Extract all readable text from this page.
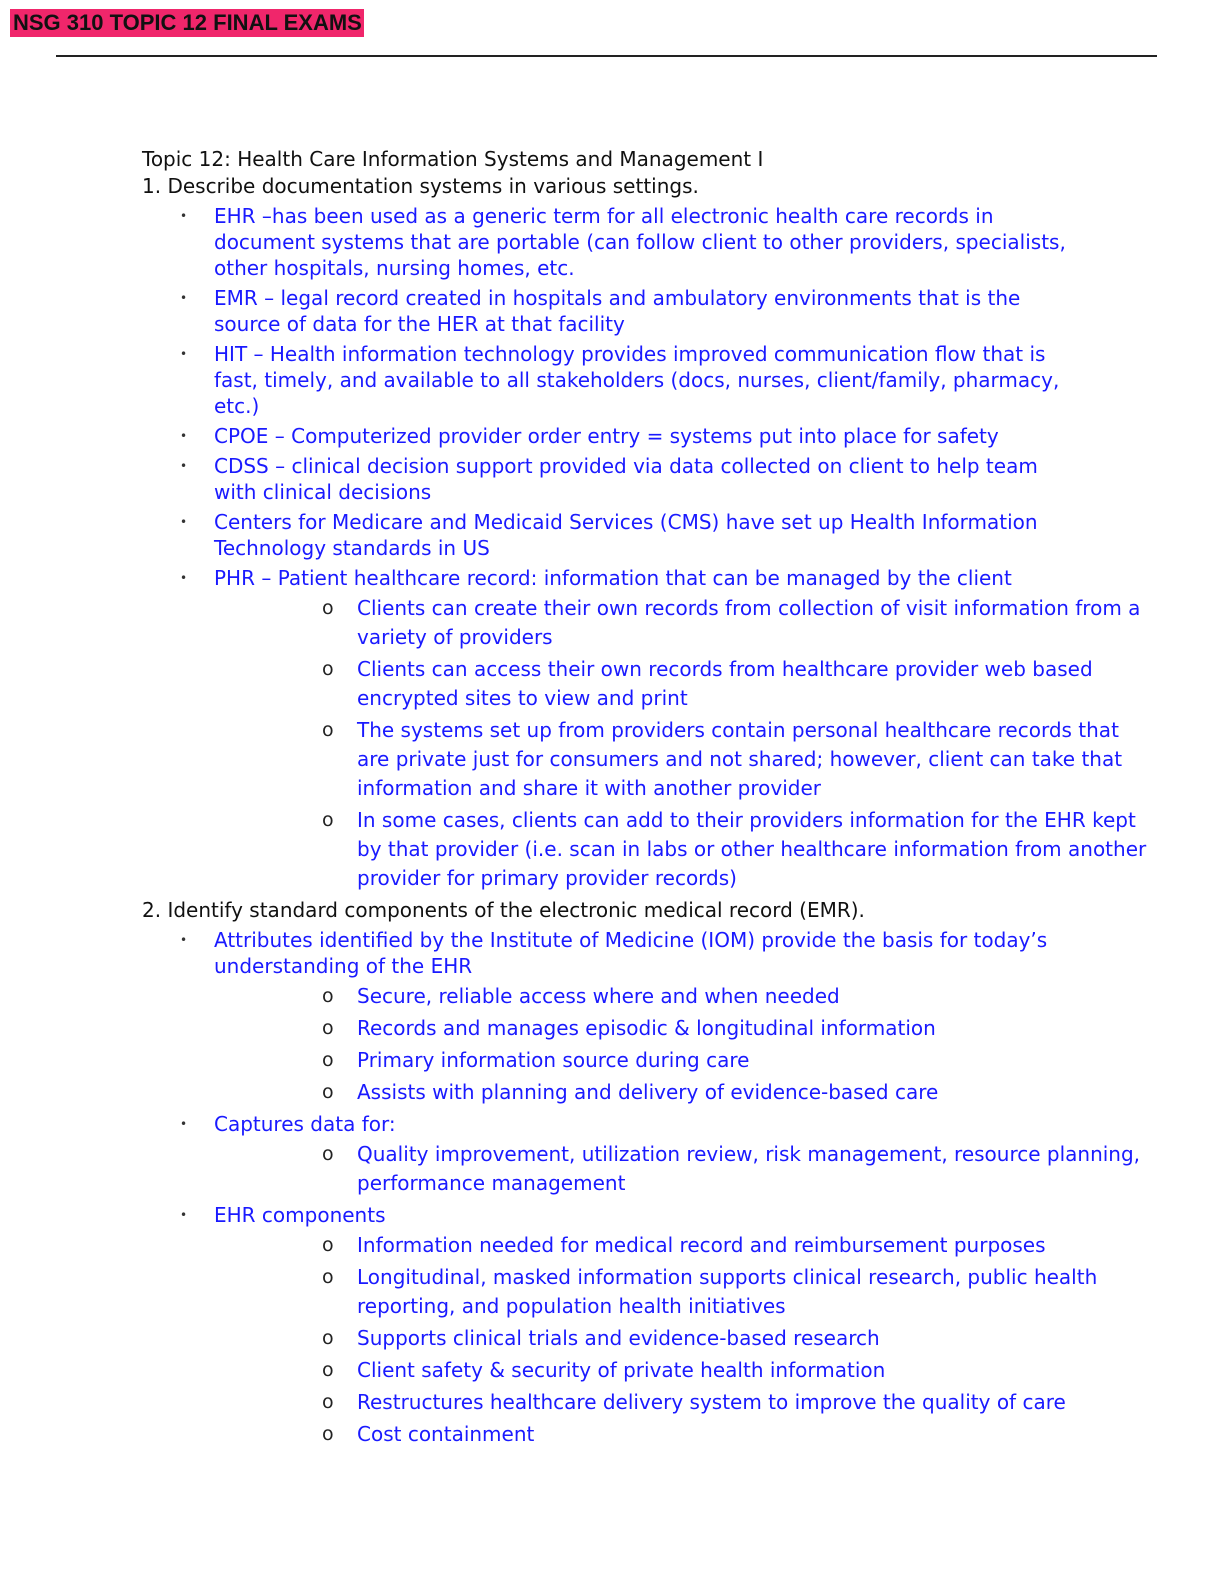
NSG 310 TOPIC 12 FINAL EXAMS
Topic 12: Health Care Information Systems and Management I
1. Describe documentation systems in various settings.
• EHR –has been used as a generic term for all electronic health care records in document systems that are portable (can follow client to other providers, specialists, other hospitals, nursing homes, etc.
• EMR – legal record created in hospitals and ambulatory environments that is the source of data for the HER at that facility
• HIT – Health information technology provides improved communication flow that is fast, timely, and available to all stakeholders (docs, nurses, client/family, pharmacy, etc.)
• CPOE – Computerized provider order entry = systems put into place for safety
• CDSS – clinical decision support provided via data collected on client to help team with clinical decisions
• Centers for Medicare and Medicaid Services (CMS) have set up Health Information Technology standards in US
• PHR – Patient healthcare record: information that can be managed by the client
o Clients can create their own records from collection of visit information from a variety of providers
o Clients can access their own records from healthcare provider web based encrypted sites to view and print
o The systems set up from providers contain personal healthcare records that are private just for consumers and not shared; however, client can take that information and share it with another provider
o In some cases, clients can add to their providers information for the EHR kept by that provider (i.e. scan in labs or other healthcare information from another provider for primary provider records)
2. Identify standard components of the electronic medical record (EMR).
• Attributes identified by the Institute of Medicine (IOM) provide the basis for today’s understanding of the EHR
o Secure, reliable access where and when needed
o Records and manages episodic & longitudinal information
o Primary information source during care
o Assists with planning and delivery of evidence-based care
• Captures data for:
o Quality improvement, utilization review, risk management, resource planning, performance management
• EHR components
o Information needed for medical record and reimbursement purposes
o Longitudinal, masked information supports clinical research, public health reporting, and population health initiatives
o Supports clinical trials and evidence-based research
o Client safety & security of private health information
o Restructures healthcare delivery system to improve the quality of care
o Cost containment
